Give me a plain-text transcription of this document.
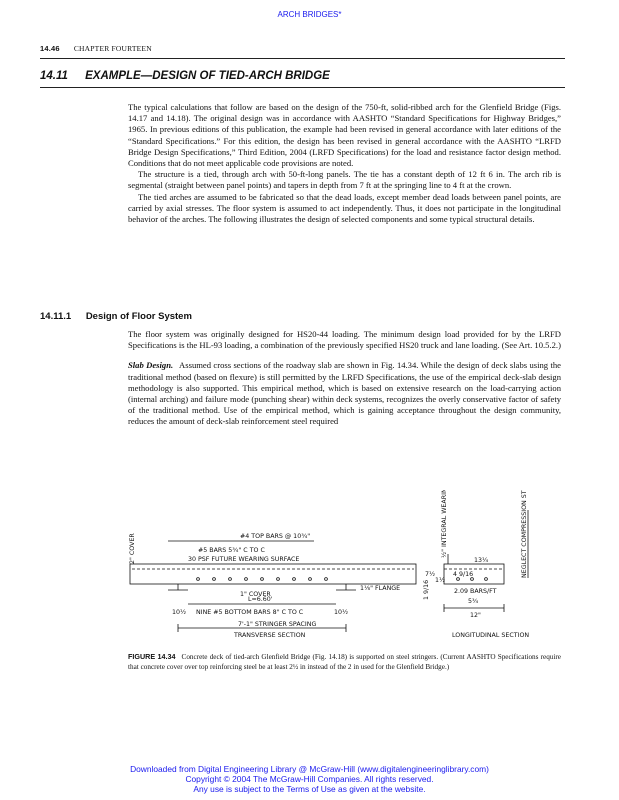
ARCH BRIDGES*
14.46 CHAPTER FOURTEEN
14.11 EXAMPLE—DESIGN OF TIED-ARCH BRIDGE

The typical calculations that follow are based on the design of the 750-ft, solid-ribbed arch for the Glenfield Bridge (Figs. 14.17 and 14.18). The original design was in accordance with AASHTO “Standard Specifications for Highway Bridges,” 1965. In previous editions of this publication, the example had been revised in general accordance with later editions of the “Standard Specifications.” For this edition, the design has been revised in general accordance with the AASHTO “LRFD Bridge Design Specifications,” Third Edition, 2004 (LRFD Specifications) for the load and resistance factor design method. Conditions that do not meet applicable code provisions are noted.

The structure is a tied, through arch with 50-ft-long panels. The tie has a constant depth of 12 ft 6 in. The arch rib is segmental (straight between panel points) and tapers in depth from 7 ft at the springing line to 4 ft at the crown.

The tied arches are assumed to be fabricated so that the dead loads, except member dead loads between panel points, are carried by axial stresses. The floor system is assumed to act independently. Thus, it does not participate in the longitudinal behavior of the arches. The following illustrates the design of selected components and some typical structural details.

14.11.1 Design of Floor System

The floor system was originally designed for HS20-44 loading. The minimum design load provided for by the LRFD Specifications is the HL-93 loading, a combination of the previously specified HS20 truck and lane loading. (See Art. 10.5.2.)

Slab Design. Assumed cross sections of the roadway slab are shown in Fig. 14.34. While the design of deck slabs using the traditional method (based on flexure) is still permitted by the LRFD Specifications, the use of the empirical deck-slab design methodology is also supported. This empirical method, which is based on extensive research on the load-carrying action (internal arching) and failure mode (punching shear) within deck systems, recognizes the overly conservative factor of safety of the traditional method. Use of the empirical method, which is gaining acceptance throughout the design community, reduces the amount of deck-slab reinforcement steel required

#4 TOP BARS @ 10¾"
2" COVER	#5 BARS 5¾" C TO C
30 PSF FUTURE WEARING SURFACE
1" COVER
L=6.60'
10½ NINE #5 BOTTOM BARS 8" C TO C	10½
7'-1" STRINGER SPACING
TRANSVERSE SECTION
1⅛" FLANGE
½" INTEGRAL WEARING SURFACE	NEGLECT COMPRESSION STEEL
7½
1½
4 9/16
1 9/16
13¼
2.09 BARS/FT
5¾
12"
LONGITUDINAL SECTION
FIGURE 14.34 Concrete deck of tied-arch Glenfield Bridge (Fig. 14.18) is supported on steel stringers. (Current AASHTO Specifications require that concrete cover over top reinforcing steel be at least 2½ in instead of the 2 in used for the Glenfield Bridge.)
Downloaded from Digital Engineering Library @ McGraw-Hill (www.digitalengineeringlibrary.com)
Copyright © 2004 The McGraw-Hill Companies. All rights reserved.
Any use is subject to the Terms of Use as given at the website.
